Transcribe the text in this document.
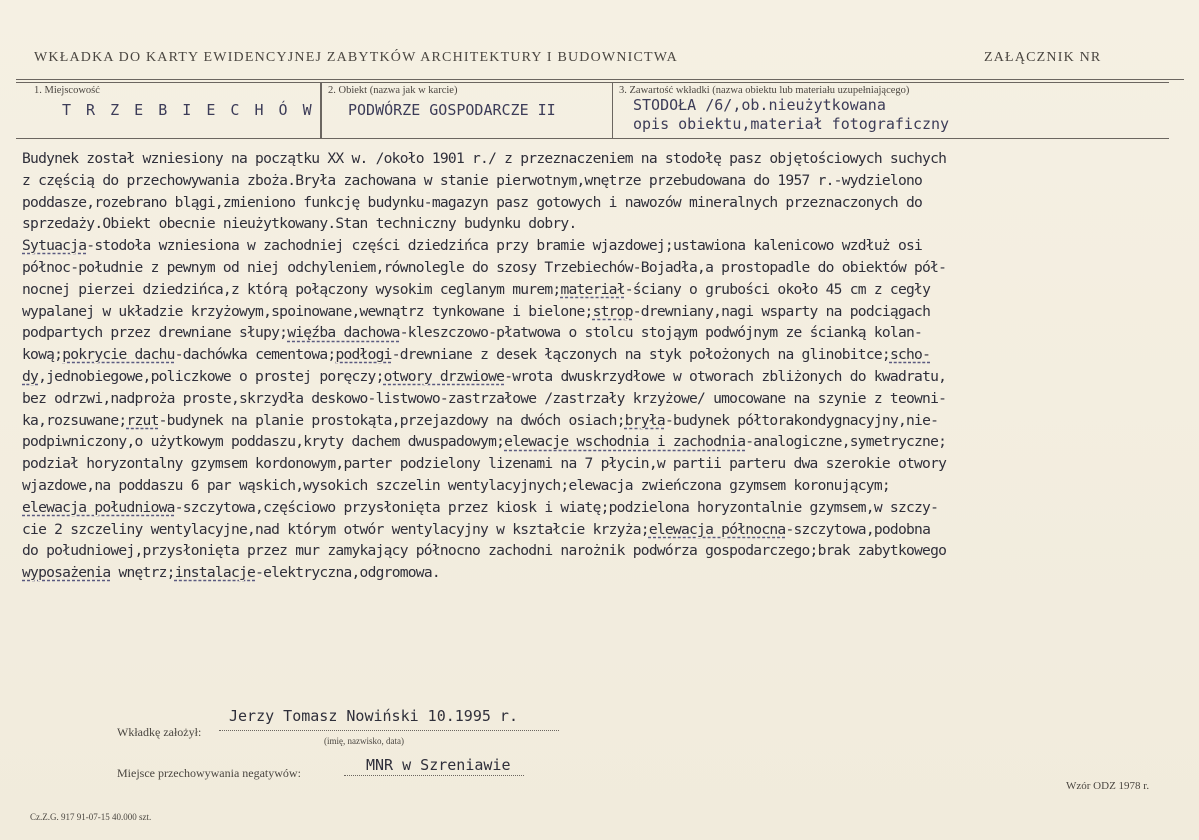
WKŁADKA DO KARTY EWIDENCYJNEJ ZABYTKÓW ARCHITEKTURY I BUDOWNICTWA	ZAŁĄCZNIK NR
1. Miejscowość
T R Z E B I E C H Ó W
2. Obiekt (nazwa jak w karcie)
PODWÓRZE GOSPODARCZE II
3. Zawartość wkładki (nazwa obiektu lub materiału uzupełniającego)
STODOŁA /6/,ob.nieużytkowana
opis obiektu,materiał fotograficzny
Budynek został wzniesiony na początku XX w. /około 1901 r./ z przeznaczeniem na stodołę pasz objętościowych suchych
z częścią do przechowywania zboża.Bryła zachowana w stanie pierwotnym,wnętrze przebudowana do 1957 r.-wydzielono
poddasze,rozebrano blągi,zmieniono funkcję budynku-magazyn pasz gotowych i nawozów mineralnych przeznaczonych do
sprzedaży.Obiekt obecnie nieużytkowany.Stan techniczny budynku dobry.
Sytuacja-stodoła wzniesiona w zachodniej części dziedzińca przy bramie wjazdowej;ustawiona kalenicowo wzdłuż osi
północ-południe z pewnym od niej odchyleniem,równolegle do szosy Trzebiechów-Bojadła,a prostopadle do obiektów pół-
nocnej pierzei dziedzińca,z którą połączony wysokim ceglanym murem;materiał-ściany o grubości około 45 cm z cegły
wypalanej w układzie krzyżowym,spoinowane,wewnątrz tynkowane i bielone;strop-drewniany,nagi wsparty na podciągach
podpartych przez drewniane słupy;więźba dachowa-kleszczowo-płatwowa o stolcu stojąym podwójnym ze ścianką kolan-
kową;pokrycie dachu-dachówka cementowa;podłogi-drewniane z desek łączonych na styk położonych na glinobitce;scho-
dy,jednobiegowe,policzkowe o prostej poręczy;otwory drzwiowe-wrota dwuskrzydłowe w otworach zbliżonych do kwadratu,
bez odrzwi,nadproża proste,skrzydła deskowo-listwowo-zastrzałowe /zastrzały krzyżowe/ umocowane na szynie z teowni-
ka,rozsuwane;rzut-budynek na planie prostokąta,przejazdowy na dwóch osiach;bryła-budynek półtorakondygnacyjny,nie-
podpiwniczony,o użytkowym poddaszu,kryty dachem dwuspadowym;elewacje wschodnia i zachodnia-analogiczne,symetryczne;
podział horyzontalny gzymsem kordonowym,parter podzielony lizenami na 7 płycin,w partii parteru dwa szerokie otwory
wjazdowe,na poddaszu 6 par wąskich,wysokich szczelin wentylacyjnych;elewacja zwieńczona gzymsem koronującym;
elewacja południowa-szczytowa,częściowo przysłonięta przez kiosk i wiatę;podzielona horyzontalnie gzymsem,w szczy-
cie 2 szczeliny wentylacyjne,nad którym otwór wentylacyjny w kształcie krzyża;elewacja północna-szczytowa,podobna
do południowej,przysłonięta przez mur zamykający północno zachodni narożnik podwórza gospodarczego;brak zabytkowego
wyposażenia wnętrz;instalacje-elektryczna,odgromowa.
Wkładkę założył:
Jerzy Tomasz Nowiński 10.1995 r.
(imię, nazwisko, data)
Miejsce przechowywania negatywów:	MNR w Szreniawie
Wzór ODZ 1978 r.
Cz.Z.G. 917 91-07-15 40.000 szt.
